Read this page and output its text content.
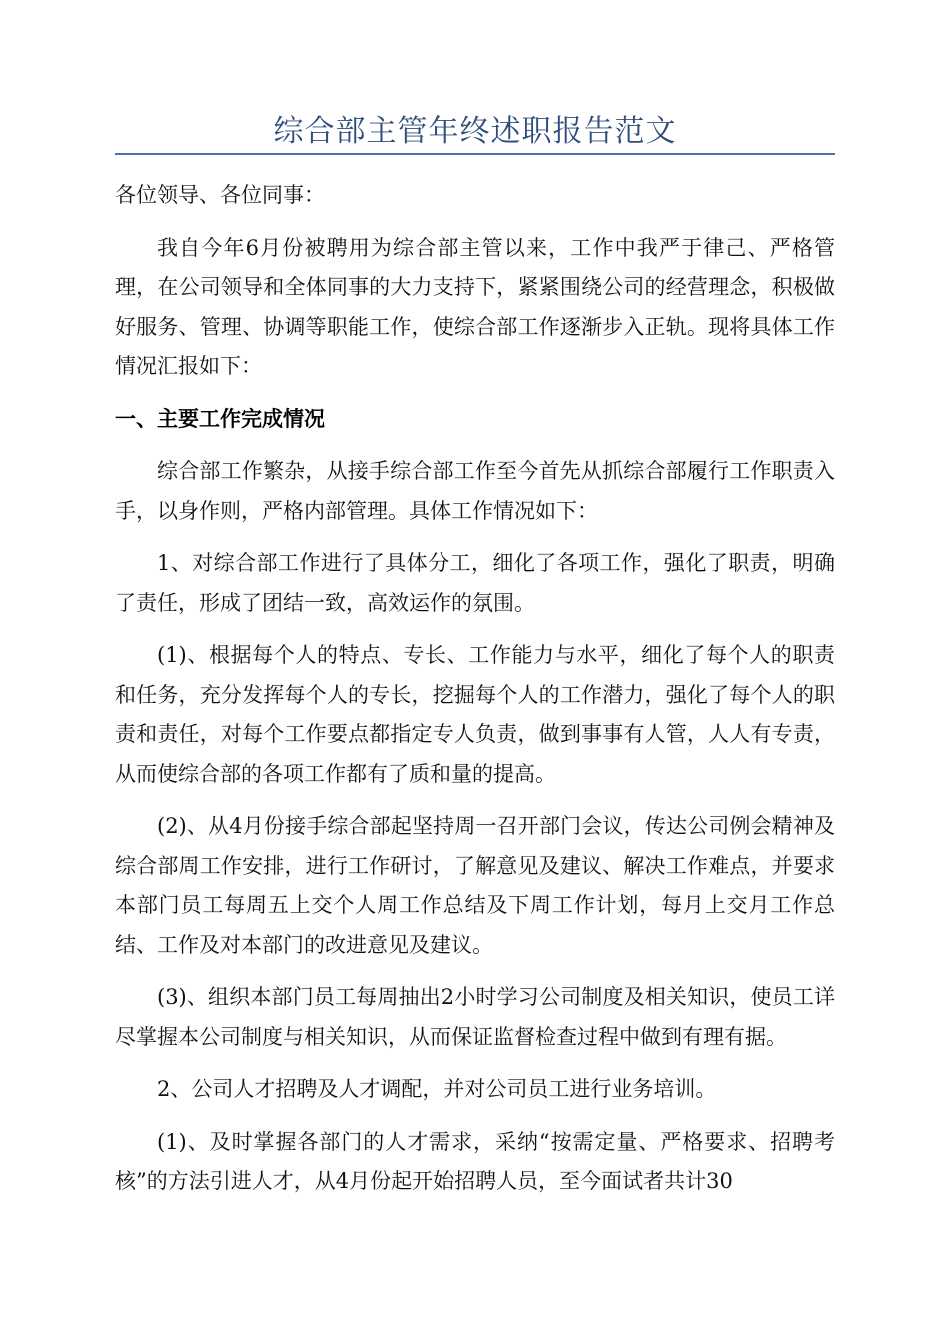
综合部主管年终述职报告范文

各位领导、各位同事：

我自今年6月份被聘用为综合部主管以来，工作中我严于律己、严格管理，在公司领导和全体同事的大力支持下，紧紧围绕公司的经营理念，积极做好服务、管理、协调等职能工作，使综合部工作逐渐步入正轨。现将具体工作情况汇报如下：

一、主要工作完成情况

综合部工作繁杂，从接手综合部工作至今首先从抓综合部履行工作职责入手，以身作则，严格内部管理。具体工作情况如下：

1、对综合部工作进行了具体分工，细化了各项工作，强化了职责，明确了责任，形成了团结一致，高效运作的氛围。

(1)、根据每个人的特点、专长、工作能力与水平，细化了每个人的职责和任务，充分发挥每个人的专长，挖掘每个人的工作潜力，强化了每个人的职责和责任，对每个工作要点都指定专人负责，做到事事有人管，人人有专责，从而使综合部的各项工作都有了质和量的提高。

(2)、从4月份接手综合部起坚持周一召开部门会议，传达公司例会精神及综合部周工作安排，进行工作研讨，了解意见及建议、解决工作难点，并要求本部门员工每周五上交个人周工作总结及下周工作计划，每月上交月工作总结、工作及对本部门的改进意见及建议。

(3)、组织本部门员工每周抽出2小时学习公司制度及相关知识，使员工详尽掌握本公司制度与相关知识，从而保证监督检查过程中做到有理有据。

2、公司人才招聘及人才调配，并对公司员工进行业务培训。

(1)、及时掌握各部门的人才需求，采纳“按需定量、严格要求、招聘考核”的方法引进人才，从4月份起开始招聘人员，至今面试者共计30
